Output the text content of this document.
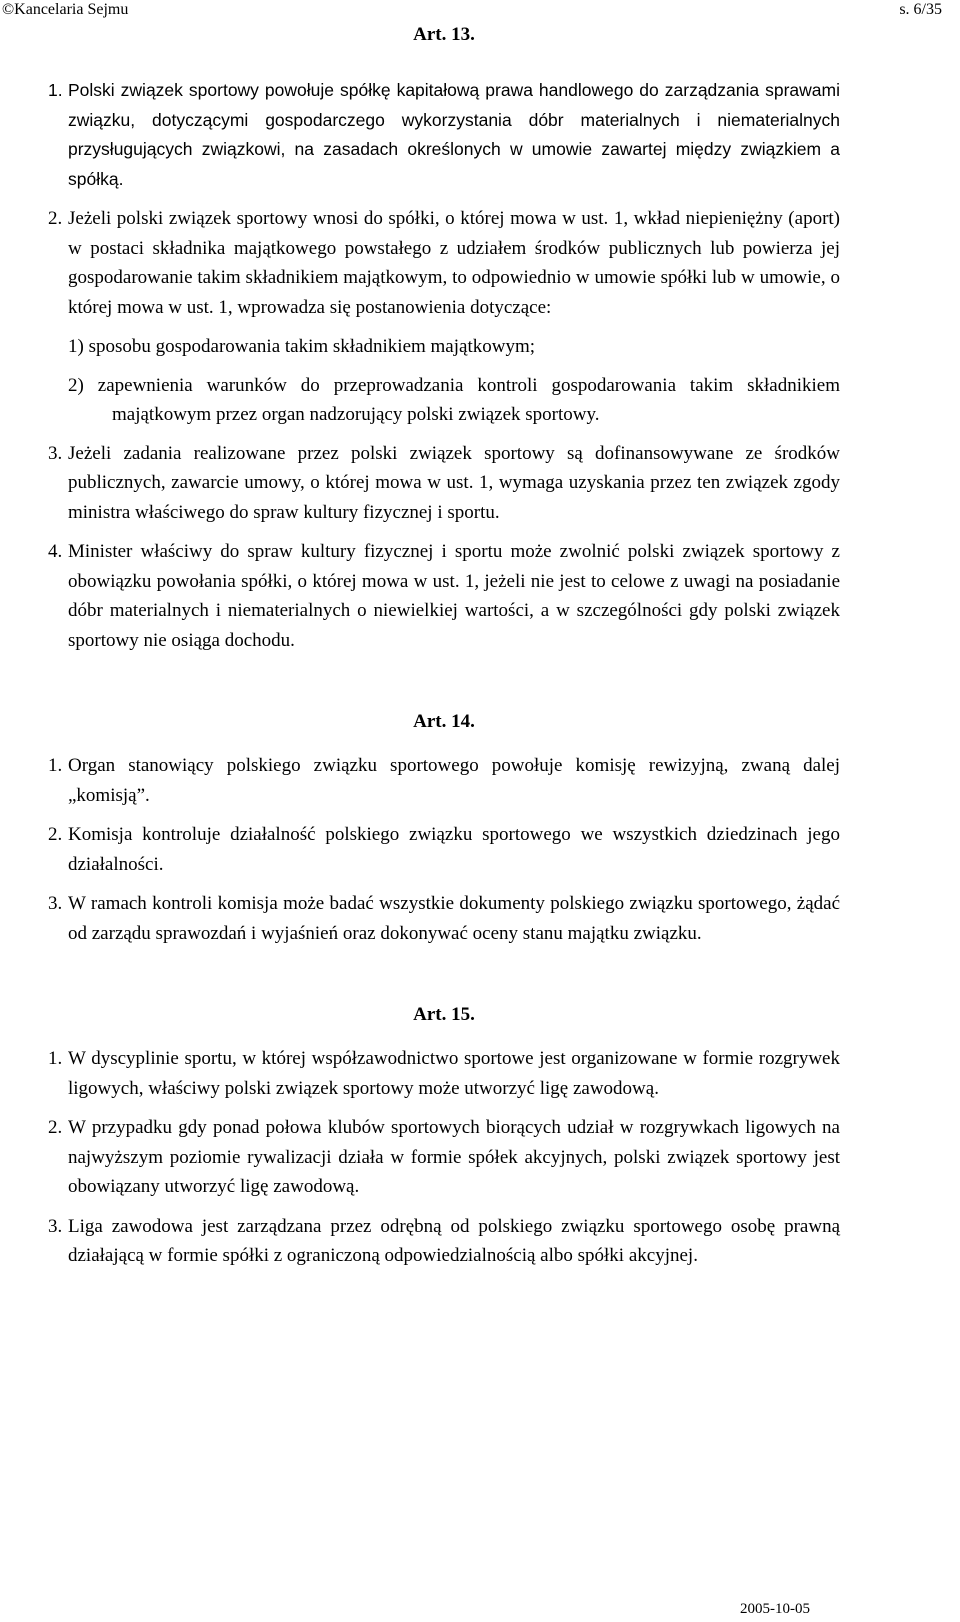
©Kancelaria Sejmu	s. 6/35
Art. 13.

1. Polski związek sportowy powołuje spółkę kapitałową prawa handlowego do zarządzania sprawami związku, dotyczącymi gospodarczego wykorzystania dóbr materialnych i niematerialnych przysługujących związkowi, na zasadach określonych w umowie zawartej między związkiem a spółką.

2. Jeżeli polski związek sportowy wnosi do spółki, o której mowa w ust. 1, wkład niepieniężny (aport) w postaci składnika majątkowego powstałego z udziałem środków publicznych lub powierza jej gospodarowanie takim składnikiem majątkowym, to odpowiednio w umowie spółki lub w umowie, o której mowa w ust. 1, wprowadza się postanowienia dotyczące:

1) sposobu gospodarowania takim składnikiem majątkowym;

2) zapewnienia warunków do przeprowadzania kontroli gospodarowania takim składnikiem majątkowym przez organ nadzorujący polski związek sportowy.

3. Jeżeli zadania realizowane przez polski związek sportowy są dofinansowywane ze środków publicznych, zawarcie umowy, o której mowa w ust. 1, wymaga uzyskania przez ten związek zgody ministra właściwego do spraw kultury fizycznej i sportu.

4. Minister właściwy do spraw kultury fizycznej i sportu może zwolnić polski związek sportowy z obowiązku powołania spółki, o której mowa w ust. 1, jeżeli nie jest to celowe z uwagi na posiadanie dóbr materialnych i niematerialnych o niewielkiej wartości, a w szczególności gdy polski związek sportowy nie osiąga dochodu.

Art. 14.

1. Organ stanowiący polskiego związku sportowego powołuje komisję rewizyjną, zwaną dalej „komisją”.

2. Komisja kontroluje działalność polskiego związku sportowego we wszystkich dziedzinach jego działalności.

3. W ramach kontroli komisja może badać wszystkie dokumenty polskiego związku sportowego, żądać od zarządu sprawozdań i wyjaśnień oraz dokonywać oceny stanu majątku związku.

Art. 15.

1. W dyscyplinie sportu, w której współzawodnictwo sportowe jest organizowane w formie rozgrywek ligowych, właściwy polski związek sportowy może utworzyć ligę zawodową.

2. W przypadku gdy ponad połowa klubów sportowych biorących udział w rozgrywkach ligowych na najwyższym poziomie rywalizacji działa w formie spółek akcyjnych, polski związek sportowy jest obowiązany utworzyć ligę zawodową.

3. Liga zawodowa jest zarządzana przez odrębną od polskiego związku sportowego osobę prawną działającą w formie spółki z ograniczoną odpowiedzialnością albo spółki akcyjnej.

2005-10-05
